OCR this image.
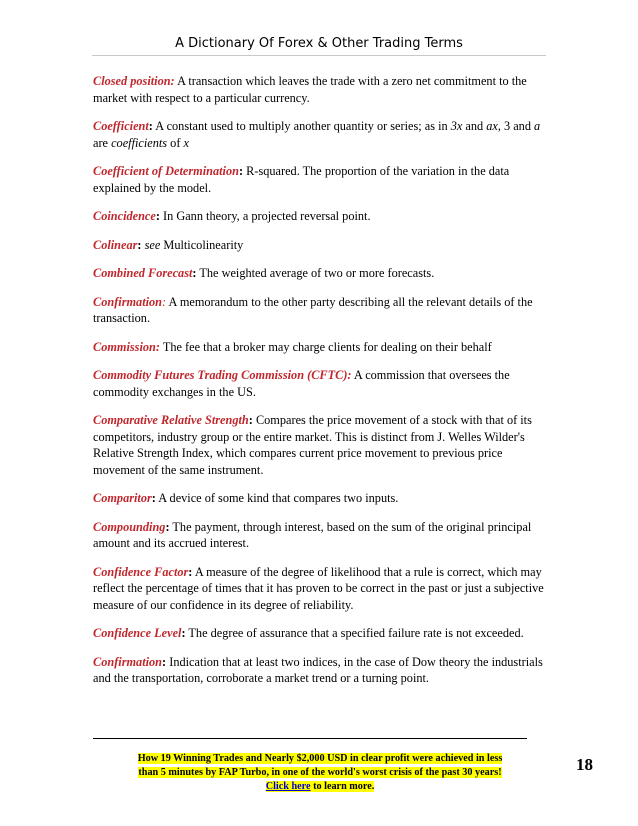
A Dictionary Of Forex & Other Trading Terms

Closed position: A transaction which leaves the trade with a zero net commitment to the market with respect to a particular currency.

Coefficient: A constant used to multiply another quantity or series; as in 3x and ax, 3 and a are coefficients of x

Coefficient of Determination: R-squared. The proportion of the variation in the data explained by the model.

Coincidence: In Gann theory, a projected reversal point.

Colinear: see Multicolinearity

Combined Forecast: The weighted average of two or more forecasts.

Confirmation: A memorandum to the other party describing all the relevant details of the transaction.

Commission: The fee that a broker may charge clients for dealing on their behalf

Commodity Futures Trading Commission (CFTC): A commission that oversees the commodity exchanges in the US.

Comparative Relative Strength: Compares the price movement of a stock with that of its competitors, industry group or the entire market. This is distinct from J. Welles Wilder's Relative Strength Index, which compares current price movement to previous price movement of the same instrument.

Comparitor: A device of some kind that compares two inputs.

Compounding: The payment, through interest, based on the sum of the original principal amount and its accrued interest.

Confidence Factor: A measure of the degree of likelihood that a rule is correct, which may reflect the percentage of times that it has proven to be correct in the past or just a subjective measure of our confidence in its degree of reliability.

Confidence Level: The degree of assurance that a specified failure rate is not exceeded.

Confirmation: Indication that at least two indices, in the case of Dow theory the industrials and the transportation, corroborate a market trend or a turning point.

How 19 Winning Trades and Nearly $2,000 USD in clear profit were achieved in less
than 5 minutes by FAP Turbo, in one of the world's worst crisis of the past 30 years!
Click here to learn more.
18
